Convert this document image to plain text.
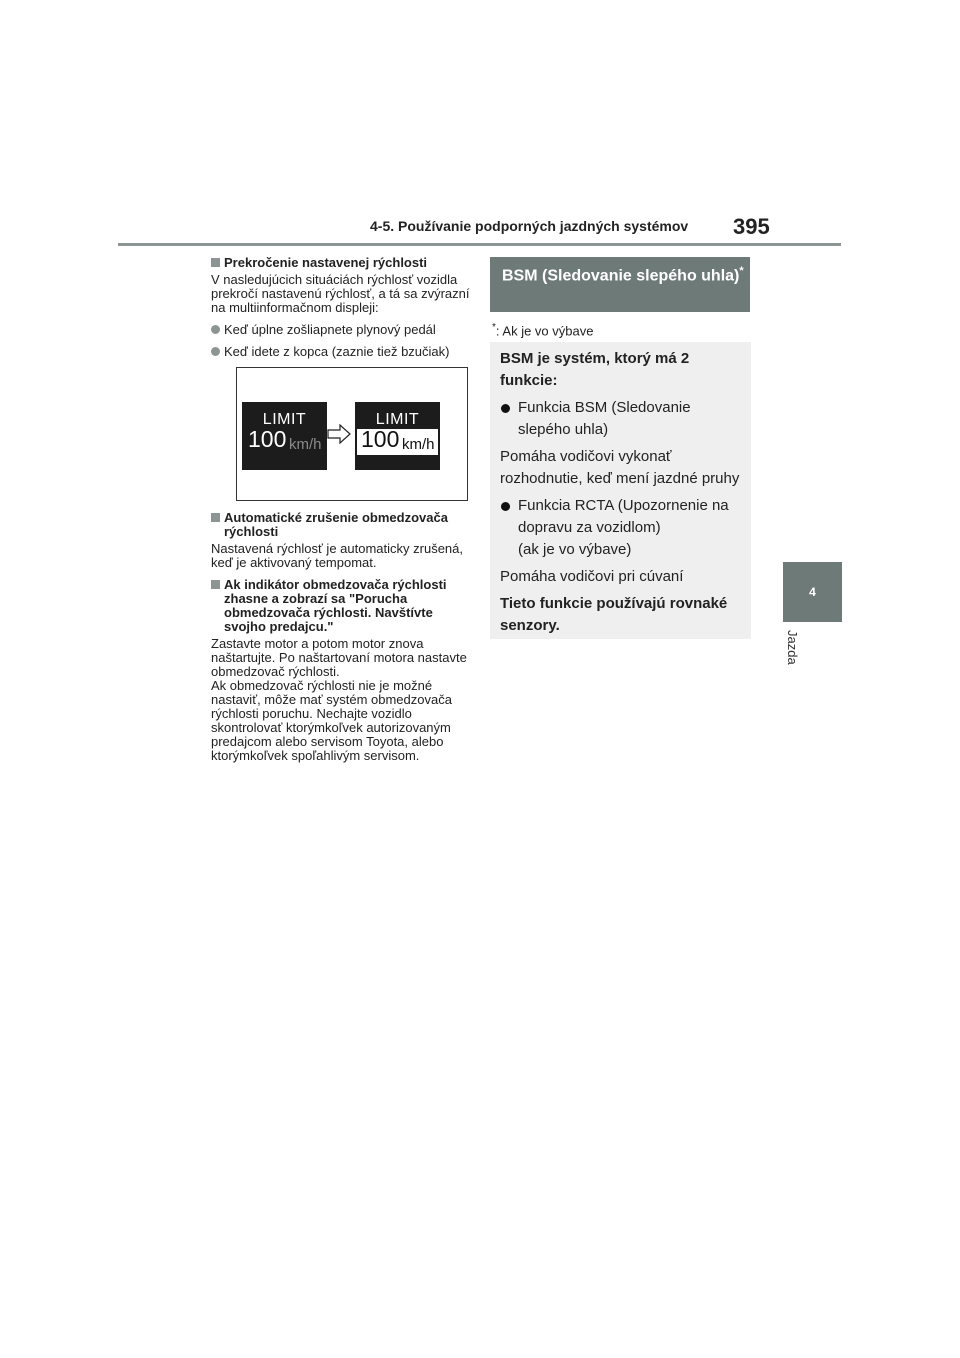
4-5. Používanie podporných jazdných systémov 395
4
Jazda
Prekročenie nastavenej rýchlosti

V nasledujúcich situáciách rýchlosť vozidla prekročí nastavenú rýchlosť, a tá sa zvýrazní na multiinformačnom displeji:

Keď úplne zošliapnete plynový pedál
Keď idete z kopca (zaznie tiež bzučiak)
LIMIT
100 km/h
LIMIT
100 km/h
Automatické zrušenie obmedzovača rýchlosti

Nastavená rýchlosť je automaticky zrušená, keď je aktivovaný tempomat.

Ak indikátor obmedzovača rýchlosti zhasne a zobrazí sa "Porucha obmedzovača rýchlosti. Navštívte svojho predajcu."

Zastavte motor a potom motor znova naštartujte. Po naštartovaní motora nastavte obmedzovač rýchlosti.

Ak obmedzovač rýchlosti nie je možné nastaviť, môže mať systém obmedzovača rýchlosti poruchu. Nechajte vozidlo skontrolovať ktorýmkoľvek autorizovaným predajcom alebo servisom Toyota, alebo ktorýmkoľvek spoľahlivým servisom.

BSM (Sledovanie slepého uhla)*
*: Ak je vo výbave

BSM je systém, ktorý má 2 funkcie:

Funkcia BSM (Sledovanie slepého uhla)

Pomáha vodičovi vykonať rozhodnutie, keď mení jazdné pruhy

Funkcia RCTA (Upozornenie na dopravu za vozidlom)

(ak je vo výbave)

Pomáha vodičovi pri cúvaní

Tieto funkcie používajú rovnaké senzory.
